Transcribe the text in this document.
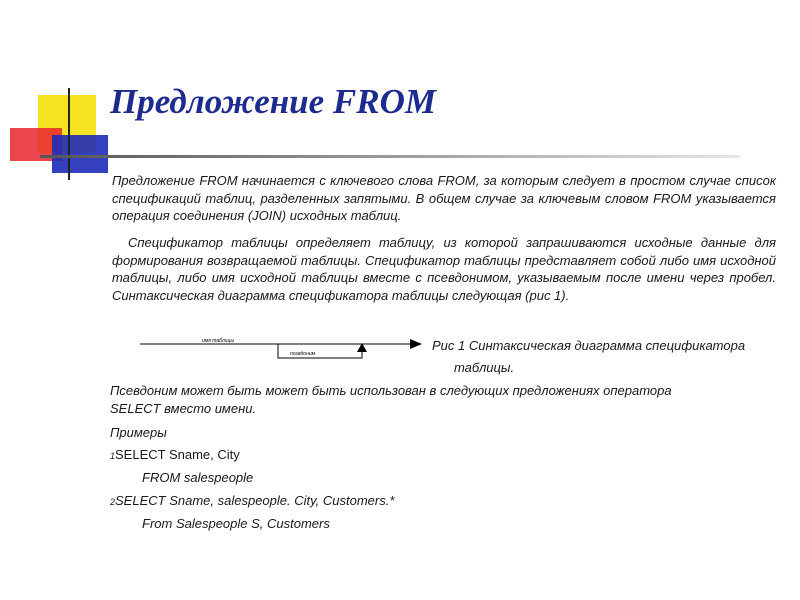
Предложение FROM

Предложение FROM начинается с ключевого слова FROM, за которым следует в простом случае список спецификаций таблиц, разделенных запятыми. В общем случае за ключевым словом FROM указывается операция соединения (JOIN) исходных таблиц.

Спецификатор таблицы определяет таблицу, из которой запрашиваются исходные данные для формирования возвращаемой таблицы. Спецификатор таблицы представляет собой либо имя исходной таблицы, либо имя исходной таблицы вместе с псевдонимом, указываемым после имени через пробел. Синтаксическая диаграмма спецификатора таблицы следующая (рис 1).

имя таблицы
псевдоним
Рис 1 Синтаксическая диаграмма спецификатора
таблицы.
Псевдоним может быть может быть использован в следующих предложениях оператора
SELECT вместо имени.
Примеры
1SELECT Sname, City
FROM salespeople
2SELECT Sname, salespeople. City, Customers.*
From Salespeople S, Customers
